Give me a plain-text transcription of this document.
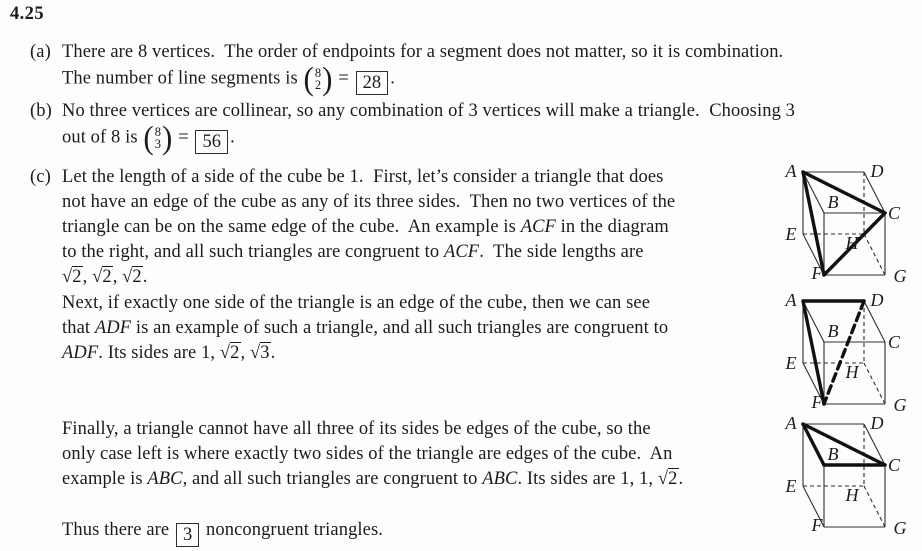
4.25
(a) There are 8 vertices.  The order of endpoints for a segment does not matter, so it is combination.
The number of line segments is ( 8
2 ) = 28 .
(b) No three vertices are collinear, so any combination of 3 vertices will make a triangle.  Choosing 3
out of 8 is ( 8
3 ) = 56 .
(c) Let the length of a side of the cube be 1.  First, let’s consider a triangle that does
not have an edge of the cube as any of its three sides.  Then no two vertices of the
triangle can be on the same edge of the cube.  An example is ACF in the diagram
to the right, and all such triangles are congruent to ACF.  The side lengths are
√2, √2, √2.
Next, if exactly one side of the triangle is an edge of the cube, then we can see
that ADF is an example of such a triangle, and all such triangles are congruent to
ADF. Its sides are 1, √2, √3.
Finally, a triangle cannot have all three of its sides be edges of the cube, so the
only case left is where exactly two sides of the triangle are edges of the cube.  An
example is ABC, and all such triangles are congruent to ABC. Its sides are 1, 1, √2.
Thus there are 3 noncongruent triangles.
A
B
C
D
E
F	G
H
A
B
C
D
E
F	G
H
A
B
C
D
E
F	G
H
